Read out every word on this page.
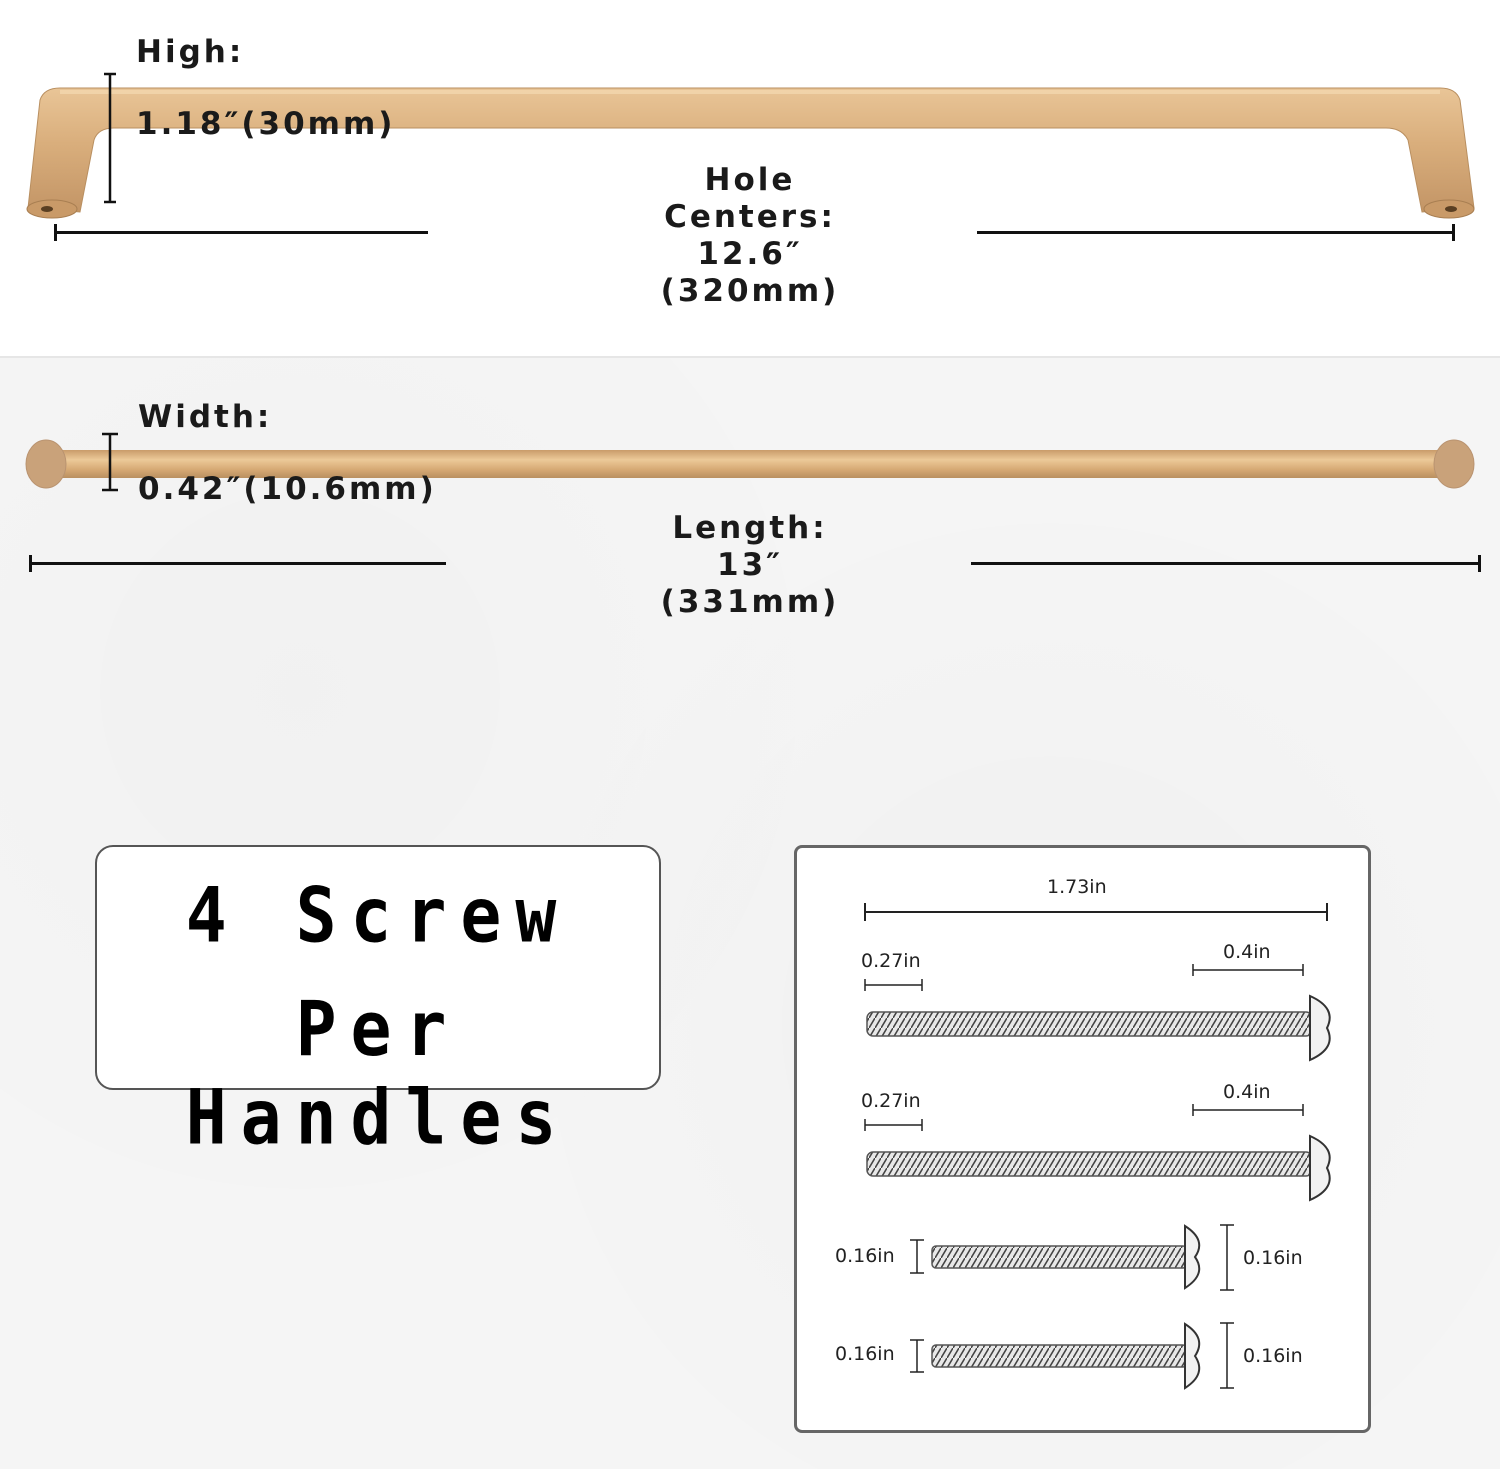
High:

1.18″(30mm)

Hole
Centers:
12.6″
(320mm)

Width:

0.42″(10.6mm)

Length:
13″
(331mm)
4 Screw
Per Handles
1.73in
0.27in	0.4in
0.27in	0.4in
0.16in	0.16in
0.16in	0.16in
